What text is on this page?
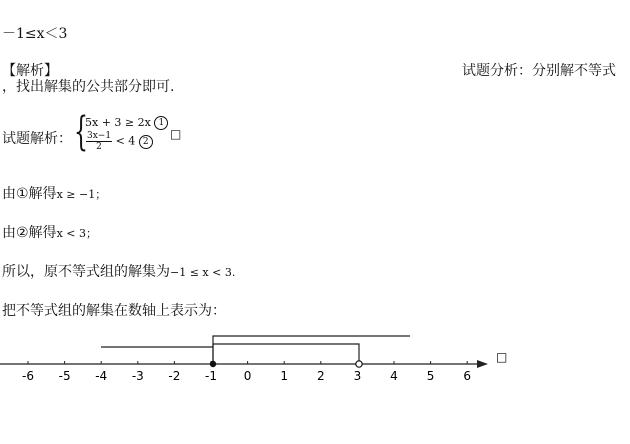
－1≤x＜3
【解析】	试题分析：分别解不等式
，找出解集的公共部分即可.
试题解析： {
5x + 3 ≥ 2x 1
$\frac{3x-1}{2} < 4$ 2
□
由①解得x ≥ −1；
由②解得x < 3；
所以，原不等式组的解集为−1 ≤ x < 3.
把不等式组的解集在数轴上表示为：
-6 -5 -4 -3 -2 -1 0 1 2 3 4 5 6
□
